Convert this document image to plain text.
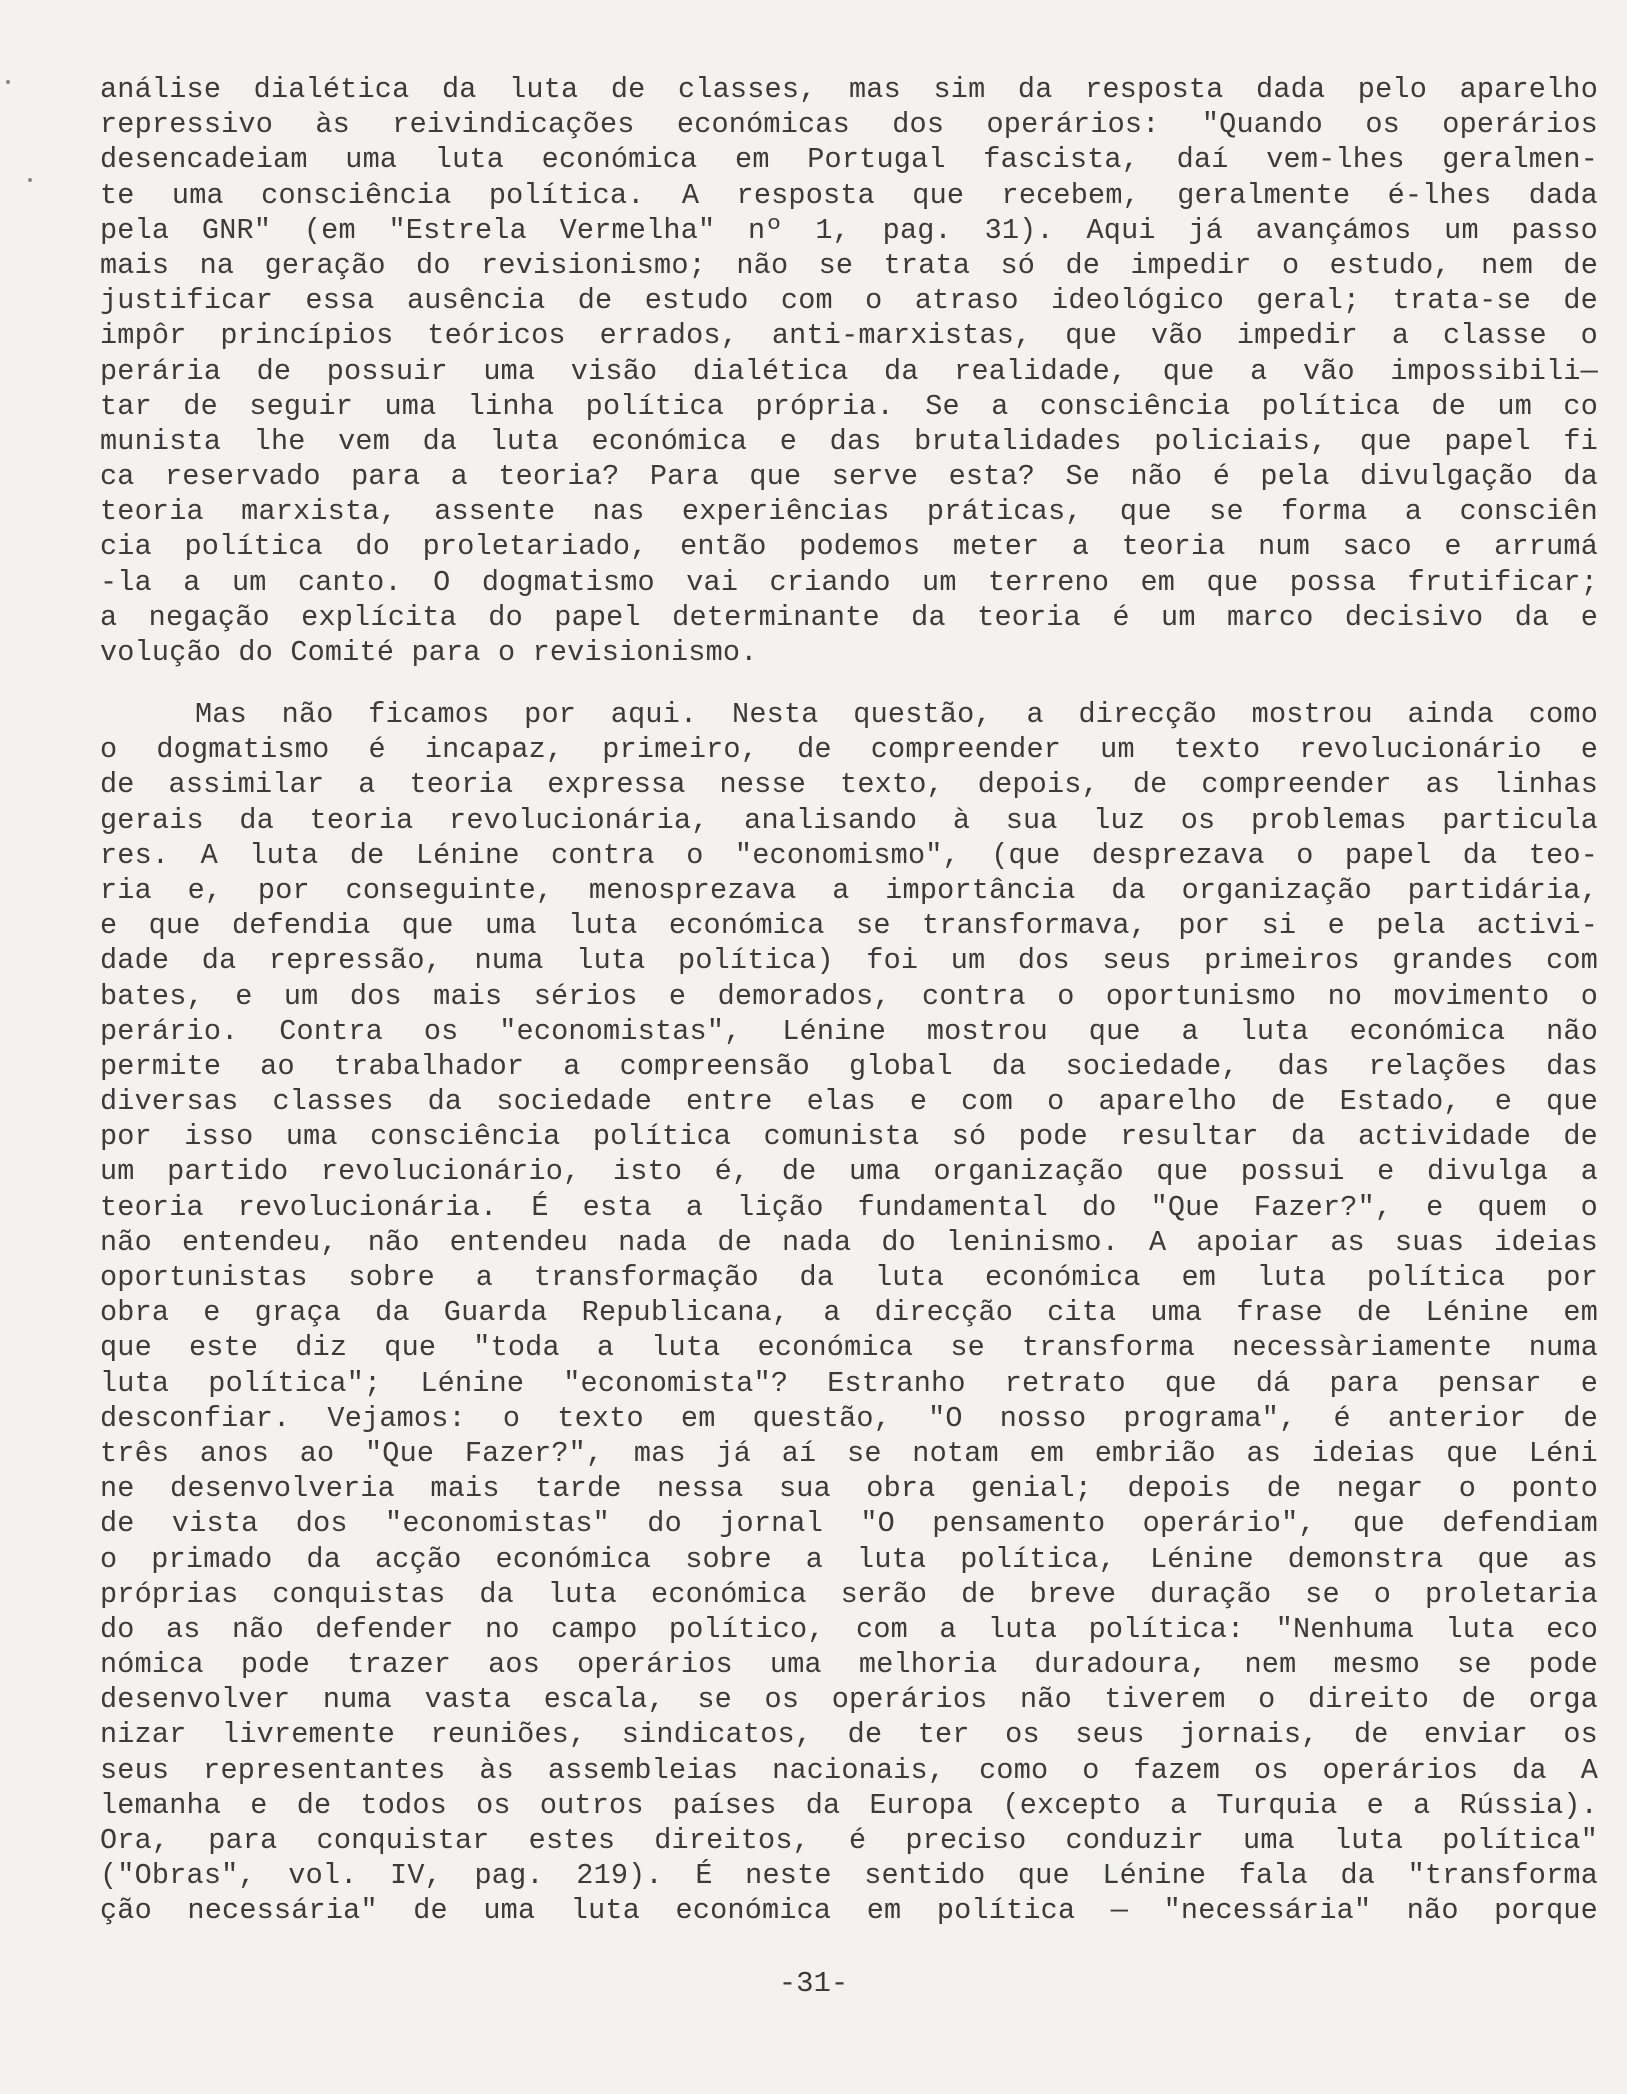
análise dialética da luta de classes, mas sim da resposta dada pelo aparelho
repressivo às reivindicações económicas dos operários: "Quando os operários
desencadeiam uma luta económica em Portugal fascista, daí vem-lhes geralmen-
te uma consciência política. A resposta que recebem, geralmente é-lhes dada
pela GNR" (em "Estrela Vermelha" nº 1, pag. 31). Aqui já avançámos um passo
mais na geração do revisionismo; não se trata só de impedir o estudo, nem de
justificar essa ausência de estudo com o atraso ideológico geral; trata-se de
impôr princípios teóricos errados, anti-marxistas, que vão impedir a classe o
perária de possuir uma visão dialética da realidade, que a vão impossibili—
tar de seguir uma linha política própria. Se a consciência política de um co
munista lhe vem da luta económica e das brutalidades policiais, que papel fi
ca reservado para a teoria? Para que serve esta? Se não é pela divulgação da
teoria marxista, assente nas experiências práticas, que se forma a consciên
cia política do proletariado, então podemos meter a teoria num saco e arrumá
-la a um canto. O dogmatismo vai criando um terreno em que possa frutificar;
a negação explícita do papel determinante da teoria é um marco decisivo da e
volução do Comité para o revisionismo.
Mas não ficamos por aqui. Nesta questão, a direcção mostrou ainda como
o dogmatismo é incapaz, primeiro, de compreender um texto revolucionário e
de assimilar a teoria expressa nesse texto, depois, de compreender as linhas
gerais da teoria revolucionária, analisando à sua luz os problemas particula
res. A luta de Lénine contra o "economismo", (que desprezava o papel da teo-
ria e, por conseguinte, menosprezava a importância da organização partidária,
e que defendia que uma luta económica se transformava, por si e pela activi-
dade da repressão, numa luta política) foi um dos seus primeiros grandes com
bates, e um dos mais sérios e demorados, contra o oportunismo no movimento o
perário. Contra os "economistas", Lénine mostrou que a luta económica não
permite ao trabalhador a compreensão global da sociedade, das relações das
diversas classes da sociedade entre elas e com o aparelho de Estado, e que
por isso uma consciência política comunista só pode resultar da actividade de
um partido revolucionário, isto é, de uma organização que possui e divulga a
teoria revolucionária. É esta a lição fundamental do "Que Fazer?", e quem o
não entendeu, não entendeu nada de nada do leninismo. A apoiar as suas ideias
oportunistas sobre a transformação da luta económica em luta política por
obra e graça da Guarda Republicana, a direcção cita uma frase de Lénine em
que este diz que "toda a luta económica se transforma necessàriamente numa
luta política"; Lénine "economista"? Estranho retrato que dá para pensar e
desconfiar. Vejamos: o texto em questão, "O nosso programa", é anterior de
três anos ao "Que Fazer?", mas já aí se notam em embrião as ideias que Léni
ne desenvolveria mais tarde nessa sua obra genial; depois de negar o ponto
de vista dos "economistas" do jornal "O pensamento operário", que defendiam
o primado da acção económica sobre a luta política, Lénine demonstra que as
próprias conquistas da luta económica serão de breve duração se o proletaria
do as não defender no campo político, com a luta política: "Nenhuma luta eco
nómica pode trazer aos operários uma melhoria duradoura, nem mesmo se pode
desenvolver numa vasta escala, se os operários não tiverem o direito de orga
nizar livremente reuniões, sindicatos, de ter os seus jornais, de enviar os
seus representantes às assembleias nacionais, como o fazem os operários da A
lemanha e de todos os outros países da Europa (excepto a Turquia e a Rússia).
Ora, para conquistar estes direitos, é preciso conduzir uma luta política"
("Obras", vol. IV, pag. 219). É neste sentido que Lénine fala da "transforma
ção necessária" de uma luta económica em política — "necessária" não porque
-31-
